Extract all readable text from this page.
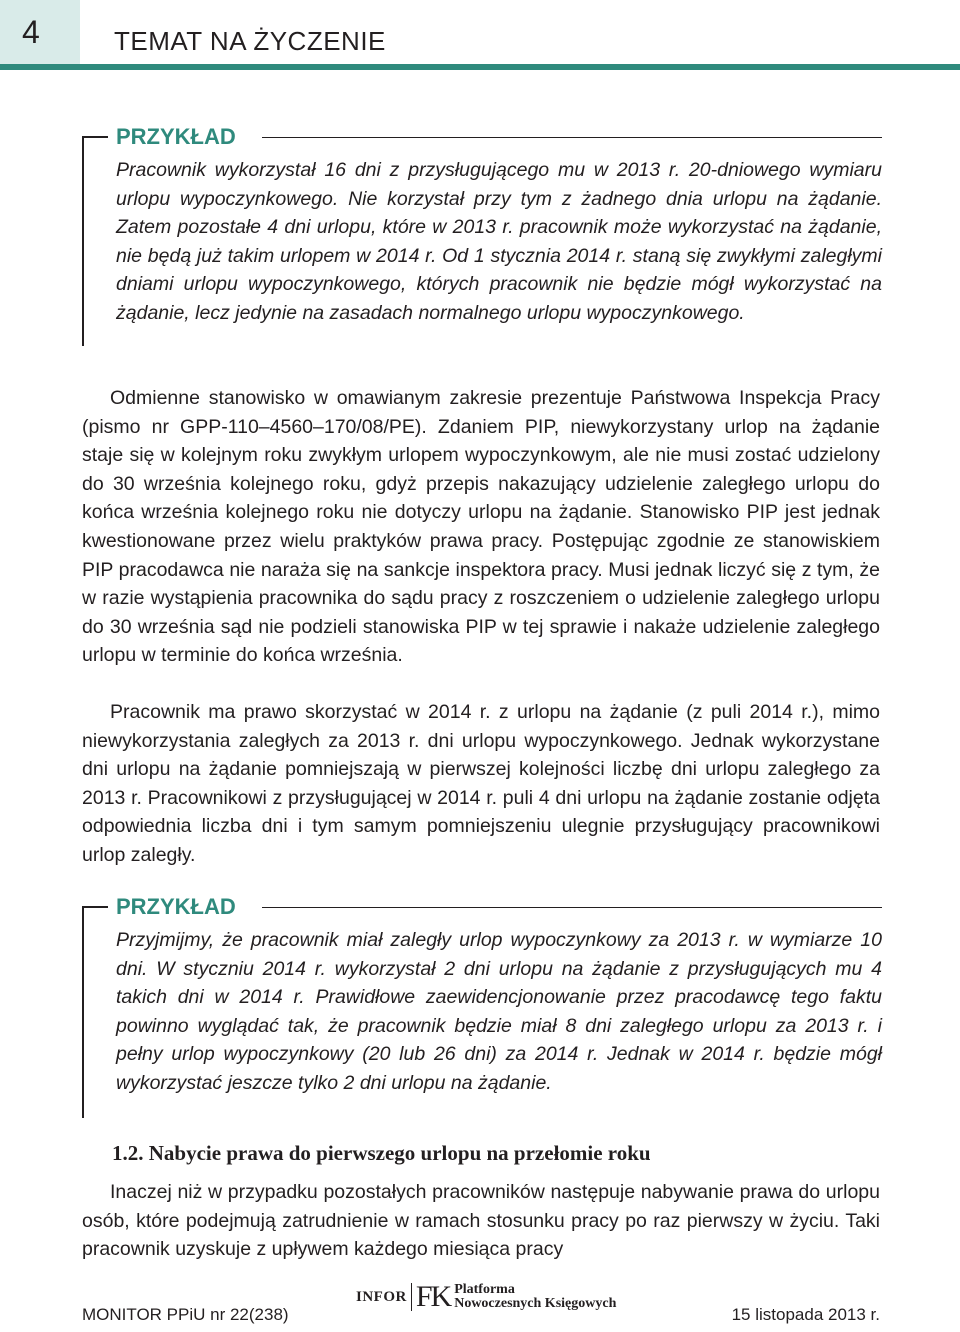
4	TEMAT NA ŻYCZENIE
PRZYKŁAD

Pracownik wykorzystał 16 dni z przysługującego mu w 2013 r. 20-dniowego wymiaru urlopu wypoczynkowego. Nie korzystał przy tym z żadnego dnia urlopu na żądanie. Zatem pozostałe 4 dni urlopu, które w 2013 r. pracownik może wykorzystać na żądanie, nie będą już takim urlopem w 2014 r. Od 1 stycznia 2014 r. staną się zwykłymi zaległymi dniami urlopu wypoczynkowego, których pracownik nie będzie mógł wykorzystać na żądanie, lecz jedynie na zasadach normalnego urlopu wypoczynkowego.

Odmienne stanowisko w omawianym zakresie prezentuje Państwowa Inspekcja Pracy (pismo nr GPP-110–4560–170/08/PE). Zdaniem PIP, niewykorzystany urlop na żądanie staje się w kolejnym roku zwykłym urlopem wypoczynkowym, ale nie musi zostać udzielony do 30 września kolejnego roku, gdyż przepis nakazujący udzielenie zaległego urlopu do końca września kolejnego roku nie dotyczy urlopu na żądanie. Stanowisko PIP jest jednak kwestionowane przez wielu praktyków prawa pracy. Postępując zgodnie ze stanowiskiem PIP pracodawca nie naraża się na sankcje inspektora pracy. Musi jednak liczyć się z tym, że w razie wystąpienia pracownika do sądu pracy z roszczeniem o udzielenie zaległego urlopu do 30 września sąd nie podzieli stanowiska PIP w tej sprawie i nakaże udzielenie zaległego urlopu w terminie do końca września.

Pracownik ma prawo skorzystać w 2014 r. z urlopu na żądanie (z puli 2014 r.), mimo niewykorzystania zaległych za 2013 r. dni urlopu wypoczynkowego. Jednak wykorzystane dni urlopu na żądanie pomniejszają w pierwszej kolejności liczbę dni urlopu zaległego za 2013 r. Pracownikowi z przysługującej w 2014 r. puli 4 dni urlopu na żądanie zostanie odjęta odpowiednia liczba dni i tym samym pomniejszeniu ulegnie przysługujący pracownikowi urlop zaległy.

PRZYKŁAD

Przyjmijmy, że pracownik miał zaległy urlop wypoczynkowy za 2013 r. w wymiarze 10 dni. W styczniu 2014 r. wykorzystał 2 dni urlopu na żądanie z przysługujących mu 4 takich dni w 2014 r. Prawidłowe zaewidencjonowanie przez pracodawcę tego faktu powinno wyglądać tak, że pracownik będzie miał 8 dni zaległego urlopu za 2013 r. i pełny urlop wypoczynkowy (20 lub 26 dni) za 2014 r. Jednak w 2014 r. będzie mógł wykorzystać jeszcze tylko 2 dni urlopu na żądanie.

1.2. Nabycie prawa do pierwszego urlopu na przełomie roku

Inaczej niż w przypadku pozostałych pracowników następuje nabywanie prawa do urlopu osób, które podejmują zatrudnienie w ramach stosunku pracy po raz pierwszy w życiu. Taki pracownik uzyskuje z upływem każdego miesiąca pracy

MONITOR PPiU nr 22(238)
INFOR FK Platforma
Nowoczesnych Księgowych
15 listopada 2013 r.
